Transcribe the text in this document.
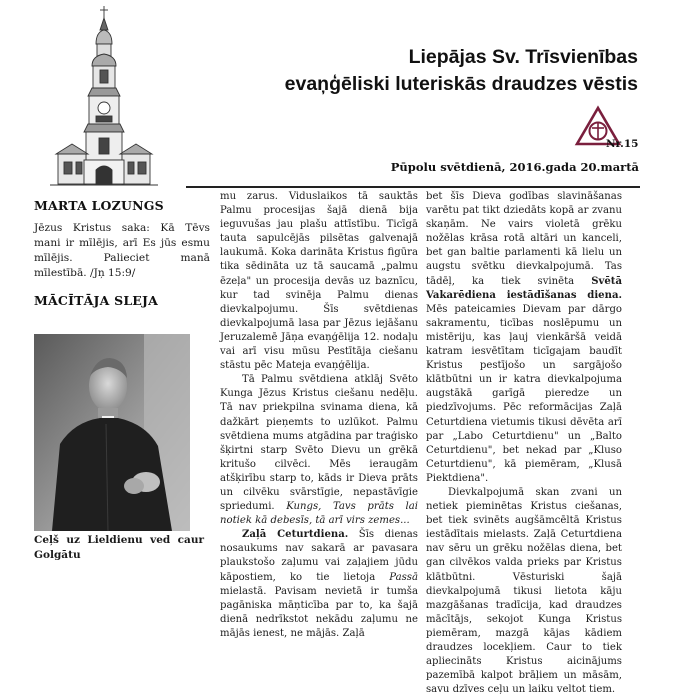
Liepājas Sv. Trīsvienības
evaņģēliski luteriskās draudzes vēstis
Nr.15
Pūpolu svētdienā, 2016.gada 20.martā
MARTA LOZUNGS

Jēzus Kristus saka: Kā Tēvs mani ir mīlējis, arī Es jūs esmu mīlējis. Palieciet manā mīlestībā. /Jņ 15:9/

MĀCĪTĀJA SLEJA
Ceļš uz Lieldienu ved caur Golgātu

mu zarus. Viduslaikos tā sauktās Palmu procesijas šajā dienā bija ieguvušas jau plašu attīstību. Ticīgā tauta sapulcējās pilsētas galvenajā laukumā. Koka darināta Kristus figūra tika sēdināta uz tā saucamā „palmu ēzeļa" un procesija devās uz baznīcu, kur tad svinēja Palmu dienas dievkalpojumu. Šīs svētdienas dievkalpojumā lasa par Jēzus iejāšanu Jeruzalemē Jāņa evaņģēlija 12. nodaļu vai arī visu mūsu Pestītāja ciešanu stāstu pēc Mateja evaņģēlija.

Tā Palmu svētdiena atklāj Svēto Kunga Jēzus Kristus ciešanu nedēļu. Tā nav priekpilna svinama diena, kā dažkārt pieņemts to uzlūkot. Palmu svētdiena mums atgādina par traģisko šķirtni starp Svēto Dievu un grēkā kritušo cilvēci. Mēs ieraugām atšķirību starp to, kāds ir Dieva prāts un cilvēku svārstīgie, nepastāvīgie spriedumi. Kungs, Tavs prāts lai notiek kā debesīs, tā arī virs zemes...

Zaļā Ceturtdiena. Šīs dienas nosaukums nav sakarā ar pavasara plaukstošo zaļumu vai zaļajiem jūdu kāpostiem, ko tie lietoja Passā mielastā. Pavisam nevietā ir tumša pagāniska māņticība par to, ka šajā dienā nedrīkstot nekādu zaļumu ne mājās ienest, ne mājās. Zaļā

bet šīs Dieva godības slavināšanas varētu pat tikt dziedāts kopā ar zvanu skaņām. Ne vairs violetā grēku nožēlas krāsa rotā altāri un kanceli, bet gan baltie parlamenti kā lielu un augstu svētku dievkalpojumā. Tas tādēļ, ka tiek svinēta Svētā Vakarēdiena iestādīšanas diena. Mēs pateicamies Dievam par dārgo sakramentu, ticības noslēpumu un mistēriju, kas ļauj vienkāršā veidā katram iesvētītam ticīgajam baudīt Kristus pestījošo un sargājošo klātbūtni un ir katra dievkalpojuma augstākā garīgā pieredze un piedzīvojums. Pēc reformācijas Zaļā Ceturtdiena vietumis tikusi dēvēta arī par „Labo Ceturtdienu" un „Balto Ceturtdienu", bet nekad par „Kluso Ceturtdienu", kā piemēram, „Klusā Piektdiena".

Dievkalpojumā skan zvani un netiek pieminētas Kristus ciešanas, bet tiek svinēts augšāmcēltā Kristus iestādītais mielasts. Zaļā Ceturtdiena nav sēru un grēku nožēlas diena, bet gan cilvēkos valda prieks par Kristus klātbūtni. Vēsturiski šajā dievkalpojumā tikusi lietota kāju mazgāšanas tradīcija, kad draudzes mācītājs, sekojot Kunga Kristus piemēram, mazgā kājas kādiem draudzes locekļiem. Caur to tiek apliecināts Kristus aicinājums pazemībā kalpot brāļiem un māsām, savu dzīves ceļu un laiku veltot tiem.
